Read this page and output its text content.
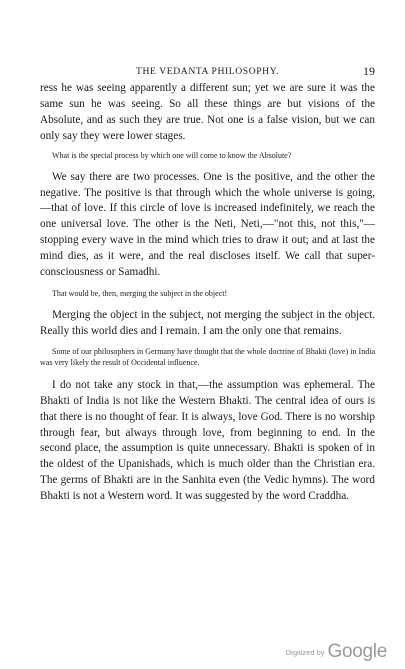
THE VEDANTA PHILOSOPHY.	19

ress he was seeing apparently a different sun; yet we are sure it was the same sun he was seeing. So all these things are but visions of the Absolute, and as such they are true. Not one is a false vision, but we can only say they were lower stages.

What is the special process by which one will come to know the Absolute?

We say there are two processes. One is the positive, and the other the negative. The positive is that through which the whole universe is going,—that of love. If this circle of love is increased indefinitely, we reach the one universal love. The other is the Neti, Neti,—"not this, not this,"—stopping every wave in the mind which tries to draw it out; and at last the mind dies, as it were, and the real discloses itself. We call that super-consciousness or Samadhi.

That would be, then, merging the subject in the object!

Merging the object in the subject, not merging the subject in the object. Really this world dies and I remain. I am the only one that remains.

Some of our philosophers in Germany have thought that the whole doctrine of Bhakti (love) in India was very likely the result of Occidental influence.

I do not take any stock in that,—the assumption was ephemeral. The Bhakti of India is not like the Western Bhakti. The central idea of ours is that there is no thought of fear. It is always, love God. There is no worship through fear, but always through love, from beginning to end. In the second place, the assumption is quite unnecessary. Bhakti is spoken of in the oldest of the Upanishads, which is much older than the Christian era. The germs of Bhakti are in the Sanhita even (the Vedic hymns). The word Bhakti is not a Western word. It was suggested by the word Craddha.

Digitized by Google
